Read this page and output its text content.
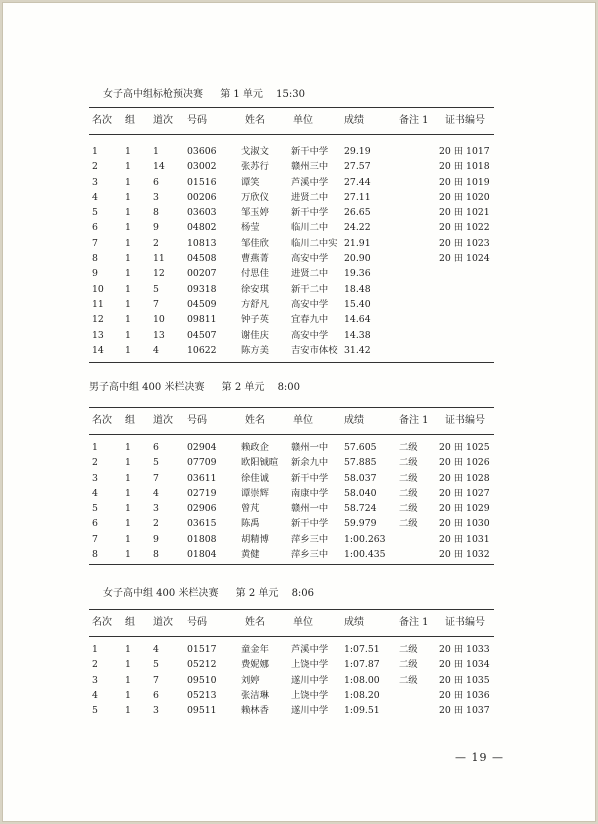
女子高中组标枪预决赛 第 1 单元 15:30
名次 组 道次 号码	姓名	单位	成绩	备注 1 证书编号
1	1 1	03606	戈淑文 新干中学 29.19	20 田 1017
2	1 14 03002	张苏行 赣州三中 27.57	20 田 1018
3	1 6	01516	谭笑	芦溪中学 27.44	20 田 1019
4	1 3	00206	万欣仪 进贤二中 27.11	20 田 1020
5	1 8	03603	邹玉婷 新干中学 26.65	20 田 1021
6	1 9	04802	杨莹	临川二中 24.22	20 田 1022
7	1 2	10813	邹佳欣 临川二中实 21.91	20 田 1023
8	1 11 04508	曹燕菁 高安中学 20.90	20 田 1024
9	1 12 00207	付思佳 进贤二中 19.36
10 1 5	09318	徐安琪 新干二中 18.48
11 1 7	04509	方舒凡 高安中学 15.40
12 1 10 09811	钟子英 宜春九中 14.64
13 1 13 04507	谢佳庆 高安中学 14.38
14 1 4	10622	陈方美 吉安市体校 31.42
男子高中组 400 米栏决赛 第 2 单元 8:00
名次 组 道次 号码	姓名	单位	成绩	备注 1 证书编号
1	1 6	02904	赖政企 赣州一中 57.605 二级 20 田 1025
2	1 5	07709	欧阳铖暄 新余九中 57.885 二级 20 田 1026
3	1 7	03611	徐佳诚 新干中学 58.037 二级 20 田 1028
4	1 4	02719	谭崇辉 南康中学 58.040 二级 20 田 1027
5	1 3	02906	曾芃	赣州一中 58.724 二级 20 田 1029
6	1 2	03615	陈禹	新干中学 59.979 二级 20 田 1030
7	1 9	01808	胡精博 萍乡三中 1:00.263	20 田 1031
8	1 8	01804	黄健	萍乡三中 1:00.435	20 田 1032
女子高中组 400 米栏决赛 第 2 单元 8:06
名次 组 道次 号码	姓名	单位	成绩	备注 1 证书编号
1	1 4	01517	童金年 芦溪中学 1:07.51 二级 20 田 1033
2	1 5	05212	费妮娜 上饶中学 1:07.87 二级 20 田 1034
3	1 7	09510	刘婷	遂川中学 1:08.00 二级 20 田 1035
4	1 6	05213	张洁琳 上饶中学 1:08.20	20 田 1036
5	1 3	09511	赖林香 遂川中学 1:09.51	20 田 1037
— 19 —
